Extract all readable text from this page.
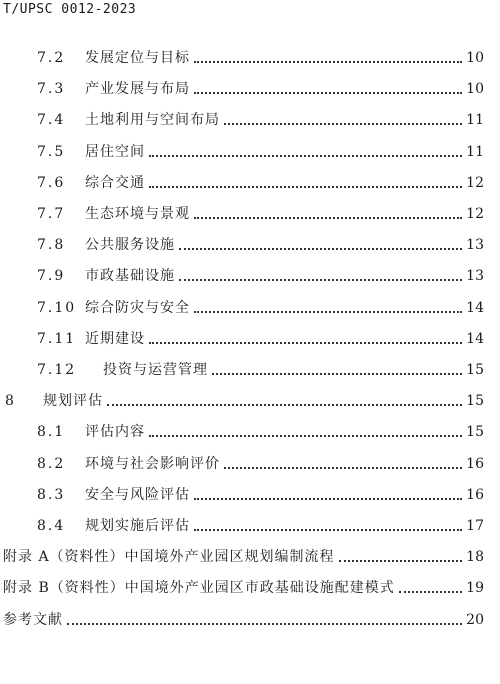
T/UPSC 0012-2023
7.2	发展定位与目标	10
7.3	产业发展与布局	10
7.4	土地利用与空间布局	11
7.5	居住空间	11
7.6	综合交通	12
7.7	生态环境与景观	12
7.8	公共服务设施	13
7.9	市政基础设施	13
7.10 综合防灾与安全	14
7.11 近期建设	14
7.12	投资与运营管理	15
8	规划评估	15
8.1	评估内容	15
8.2	环境与社会影响评价	16
8.3	安全与风险评估	16
8.4	规划实施后评估	17
附录 A（资料性）中国境外产业园区规划编制流程	18
附录 B（资料性）中国境外产业园区市政基础设施配建模式	19
参考文献	20
